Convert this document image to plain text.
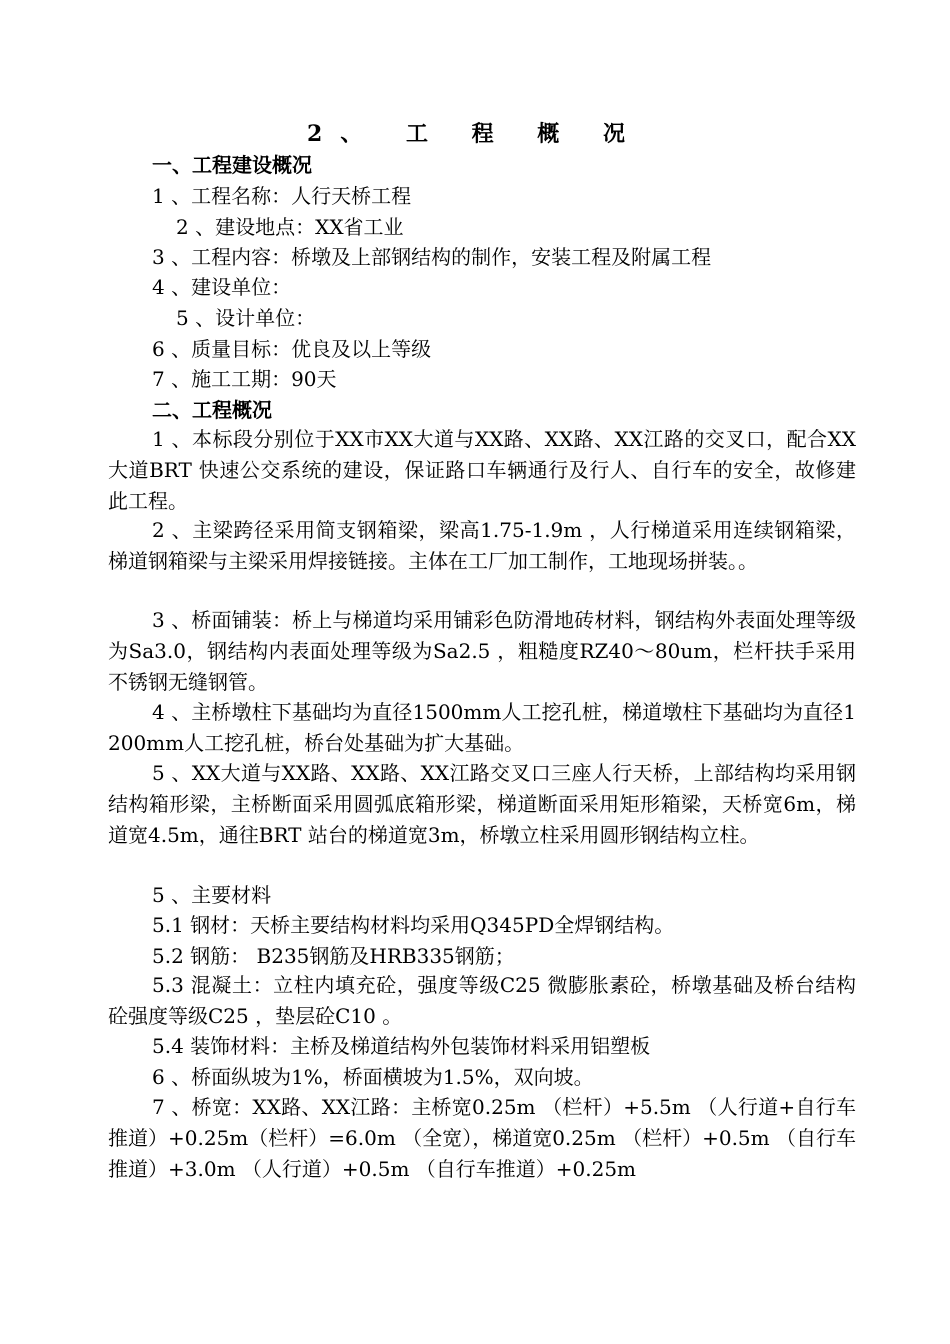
2、 工 程 概 况
一、工程建设概况
1 、工程名称：人行天桥工程
2 、建设地点：XX省工业
3 、工程内容：桥墩及上部钢结构的制作，安装工程及附属工程
4 、建设单位：
5 、设计单位：
6 、质量目标：优良及以上等级
7 、施工工期：90天
二、工程概况
1 、本标段分别位于XX市XX大道与XX路、XX路、XX江路的交叉口，配合XX大道BRT 快速公交系统的建设，保证路口车辆通行及行人、自行车的安全，故修建此工程。
2 、主梁跨径采用简支钢箱梁，梁高1.75-1.9m ，人行梯道采用连续钢箱梁，梯道钢箱梁与主梁采用焊接链接。主体在工厂加工制作，工地现场拼装。。
3 、桥面铺装：桥上与梯道均采用铺彩色防滑地砖材料，钢结构外表面处理等级为Sa3.0，钢结构内表面处理等级为Sa2.5 ，粗糙度RZ40～80um，栏杆扶手采用不锈钢无缝钢管。
4 、主桥墩柱下基础均为直径1500mm人工挖孔桩，梯道墩柱下基础均为直径1200mm人工挖孔桩，桥台处基础为扩大基础。
5 、XX大道与XX路、XX路、XX江路交叉口三座人行天桥，上部结构均采用钢结构箱形梁，主桥断面采用圆弧底箱形梁，梯道断面采用矩形箱梁，天桥宽6m，梯道宽4.5m，通往BRT 站台的梯道宽3m，桥墩立柱采用圆形钢结构立柱。
5 、主要材料
5.1 钢材：天桥主要结构材料均采用Q345PD全焊钢结构。
5.2 钢筋： B235钢筋及HRB335钢筋；
5.3 混凝土：立柱内填充砼，强度等级C25 微膨胀素砼，桥墩基础及桥台结构砼强度等级C25 ，垫层砼C10 。
5.4 装饰材料：主桥及梯道结构外包装饰材料采用铝塑板
6 、桥面纵坡为1%，桥面横坡为1.5%，双向坡。
7 、桥宽：XX路、XX江路：主桥宽0.25m （栏杆）+5.5m （人行道+自行车推道）+0.25m（栏杆）=6.0m （全宽），梯道宽0.25m （栏杆）+0.5m （自行车推道）+3.0m （人行道）+0.5m （自行车推道）+0.25m
